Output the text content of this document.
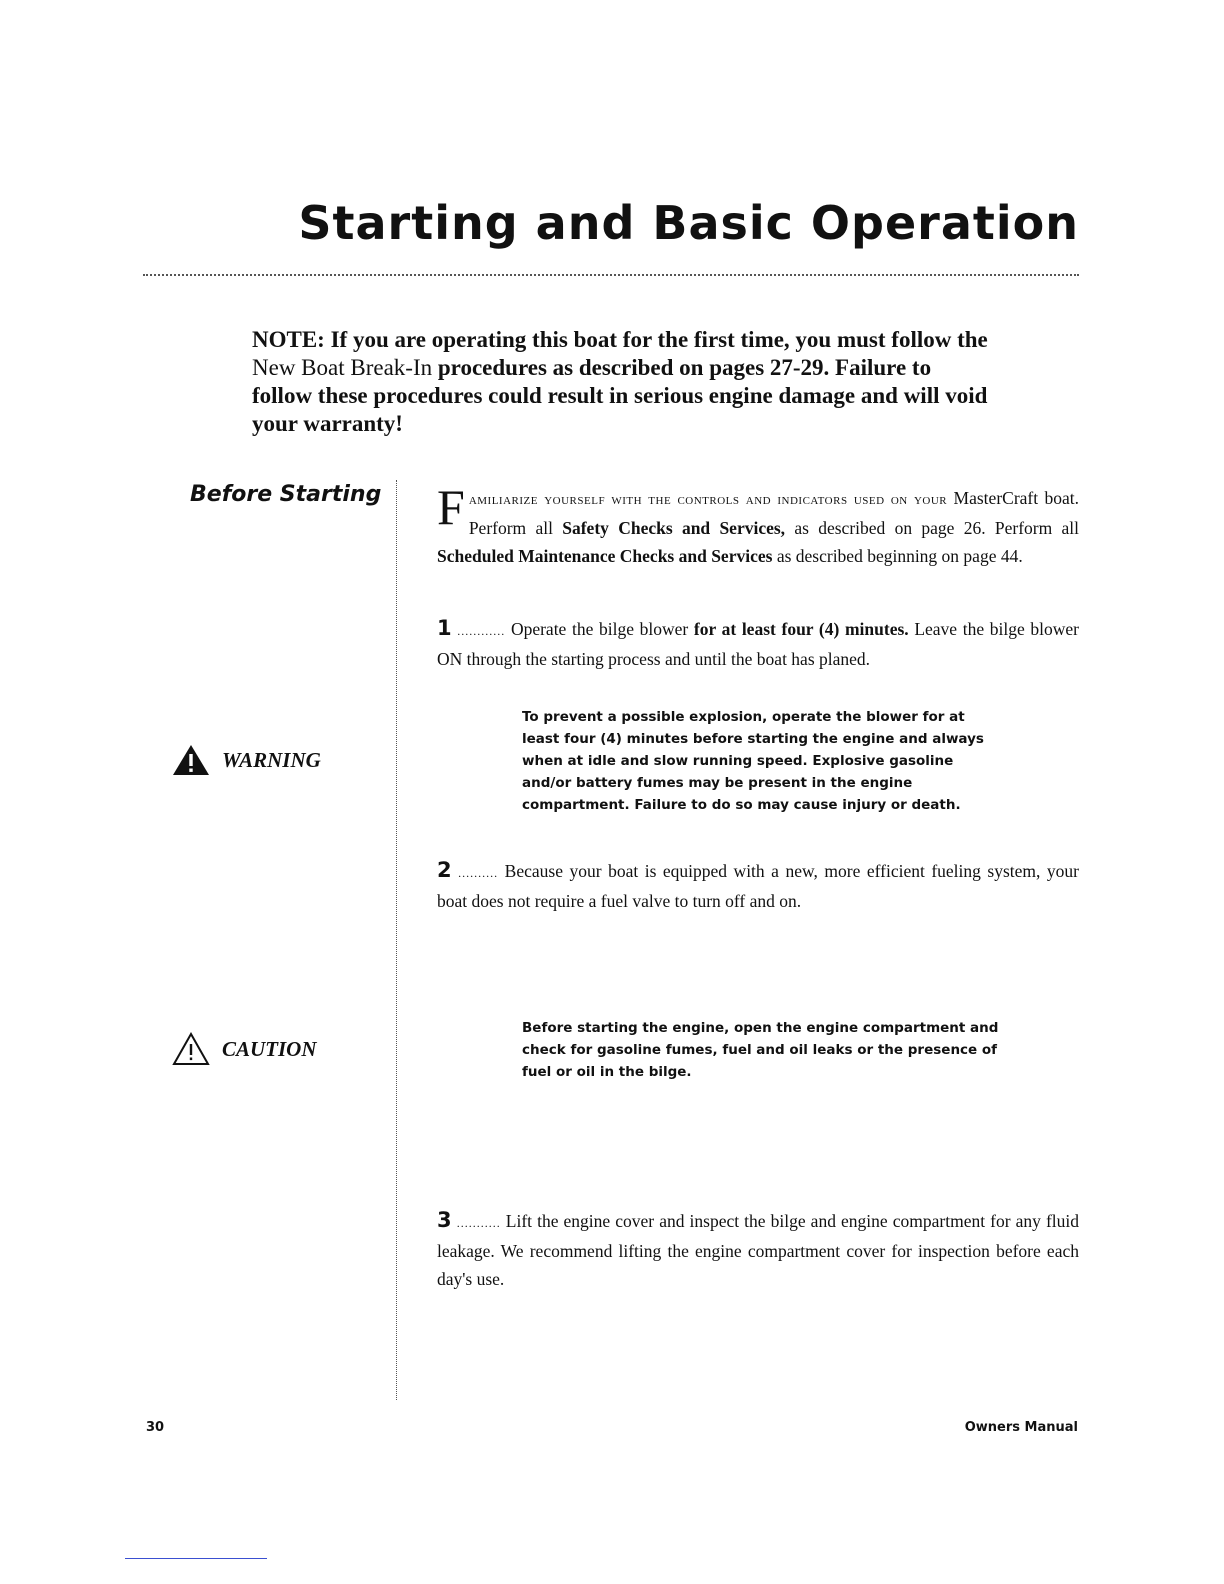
Starting and Basic Operation

NOTE: If you are operating this boat for the first time, you must follow the New Boat Break-In procedures as described on pages 27-29. Failure to follow these procedures could result in serious engine damage and will void your warranty!

Before Starting Familiarize yourself with the controls and indicators used on your MasterCraft boat. Perform all Safety Checks and Services, as described on page 26. Perform all Scheduled Maintenance Checks and Services as described beginning on page 44.

1 ............ Operate the bilge blower for at least four (4) minutes. Leave the bilge blower ON through the starting process and until the boat has planed.

WARNING

To prevent a possible explosion, operate the blower for at least four (4) minutes before starting the engine and always when at idle and slow running speed. Explosive gasoline and/or battery fumes may be present in the engine compartment. Failure to do so may cause injury or death.

2 .......... Because your boat is equipped with a new, more efficient fueling system, your boat does not require a fuel valve to turn off and on.

CAUTION

Before starting the engine, open the engine compartment and check for gasoline fumes, fuel and oil leaks or the presence of fuel or oil in the bilge.

3 ........... Lift the engine cover and inspect the bilge and engine compartment for any fluid leakage. We recommend lifting the engine compartment cover for inspection before each day's use.

30	Owners Manual
